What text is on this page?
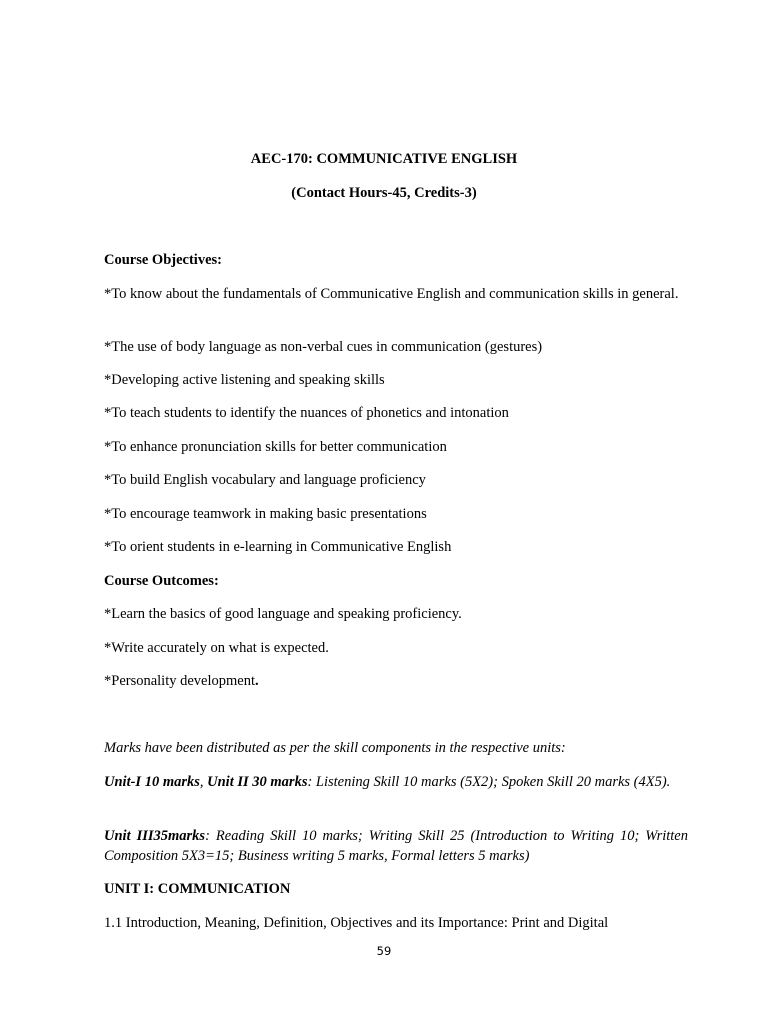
AEC-170: COMMUNICATIVE ENGLISH
(Contact Hours-45, Credits-3)
Course Objectives:
*To know about the fundamentals of Communicative English and communication skills in general.
*The use of body language as non-verbal cues in communication (gestures)
*Developing active listening and speaking skills
*To teach students to identify the nuances of phonetics and intonation
*To enhance pronunciation skills for better communication
*To build English vocabulary and language proficiency
*To encourage teamwork in making basic presentations
*To orient students in e-learning in Communicative English
Course Outcomes:
*Learn the basics of good language and speaking proficiency.
*Write accurately on what is expected.
*Personality development.
Marks have been distributed as per the skill components in the respective units:
Unit-I 10 marks, Unit II 30 marks: Listening Skill 10 marks (5X2); Spoken Skill 20 marks (4X5).
Unit III35marks: Reading Skill 10 marks; Writing Skill 25 (Introduction to Writing 10; Written Composition 5X3=15; Business writing 5 marks, Formal letters 5 marks)
UNIT I: COMMUNICATION
1.1 Introduction, Meaning, Definition, Objectives and its Importance: Print and Digital
59
